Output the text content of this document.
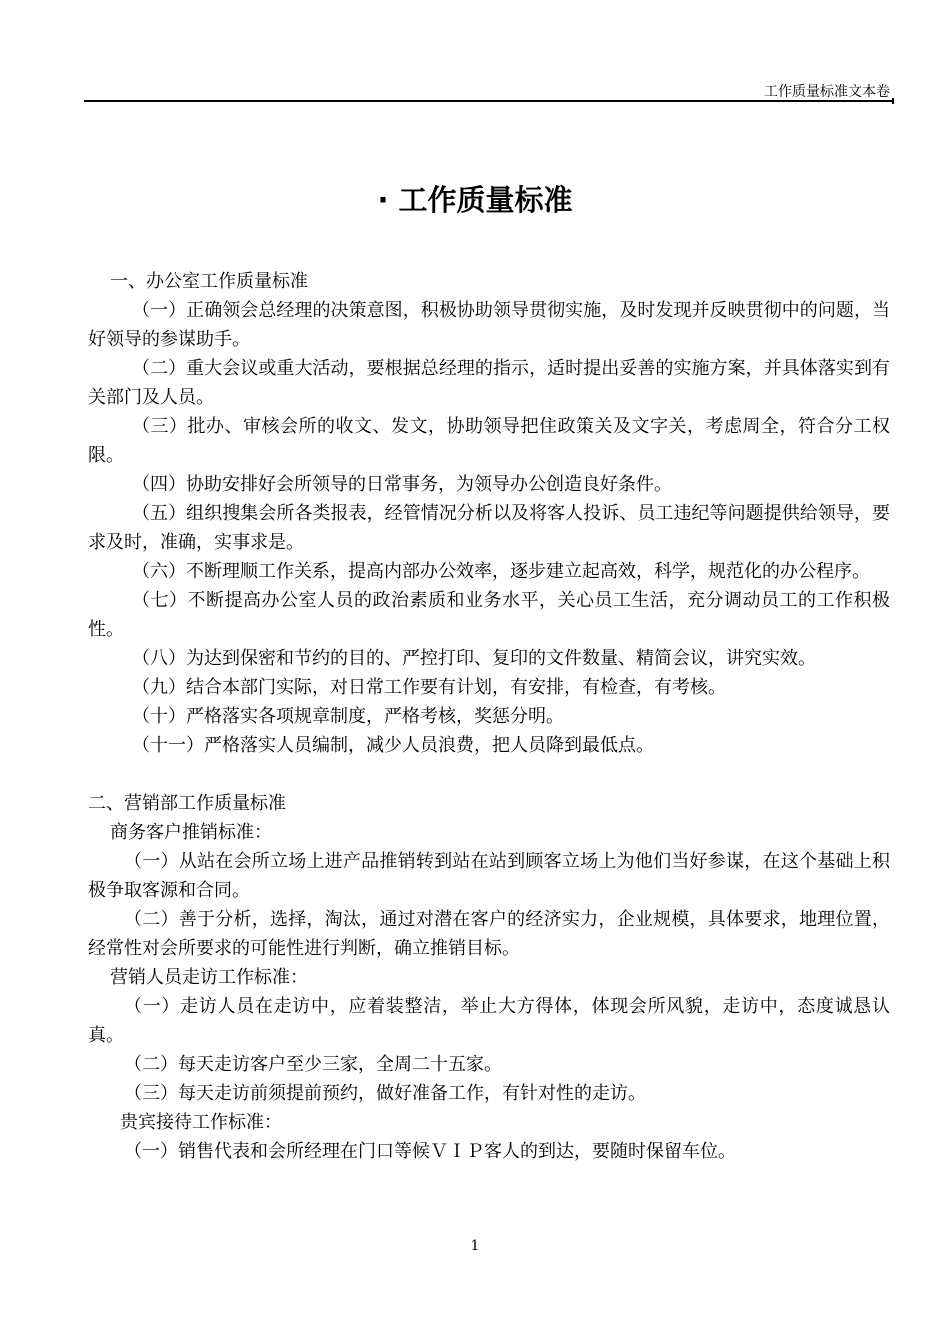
工作质量标准文本卷
· 工作质量标准

一、办公室工作质量标准

（一）正确领会总经理的决策意图，积极协助领导贯彻实施，及时发现并反映贯彻中的问题，当好领导的参谋助手。

（二）重大会议或重大活动，要根据总经理的指示，适时提出妥善的实施方案，并具体落实到有关部门及人员。

（三）批办、审核会所的收文、发文，协助领导把住政策关及文字关，考虑周全，符合分工权限。

（四）协助安排好会所领导的日常事务，为领导办公创造良好条件。

（五）组织搜集会所各类报表，经管情况分析以及将客人投诉、员工违纪等问题提供给领导，要求及时，准确，实事求是。

（六）不断理顺工作关系，提高内部办公效率，逐步建立起高效，科学，规范化的办公程序。

（七）不断提高办公室人员的政治素质和业务水平，关心员工生活，充分调动员工的工作积极性。

（八）为达到保密和节约的目的、严控打印、复印的文件数量、精简会议，讲究实效。

（九）结合本部门实际，对日常工作要有计划，有安排，有检查，有考核。

（十）严格落实各项规章制度，严格考核，奖惩分明。

（十一）严格落实人员编制，减少人员浪费，把人员降到最低点。

二、营销部工作质量标准

商务客户推销标准：

（一）从站在会所立场上进产品推销转到站在站到顾客立场上为他们当好参谋，在这个基础上积极争取客源和合同。

（二）善于分析，选择，淘汰，通过对潜在客户的经济实力，企业规模，具体要求，地理位置，经常性对会所要求的可能性进行判断，确立推销目标。

营销人员走访工作标准：

（一）走访人员在走访中，应着装整洁，举止大方得体，体现会所风貌，走访中，态度诚恳认真。

（二）每天走访客户至少三家，全周二十五家。

（三）每天走访前须提前预约，做好准备工作，有针对性的走访。

贵宾接待工作标准：

（一）销售代表和会所经理在门口等候ＶＩＰ客人的到达，要随时保留车位。

1
